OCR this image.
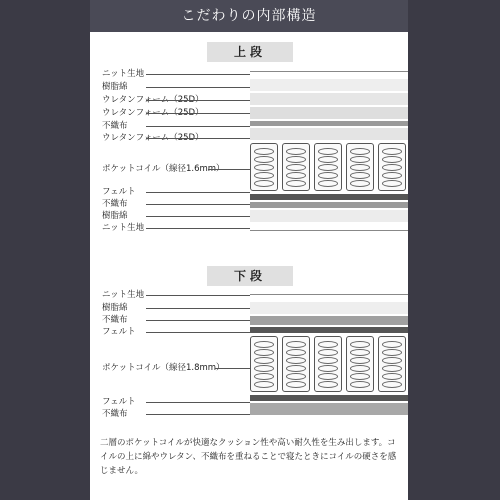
こだわりの内部構造
上段
ニット生地
樹脂綿
ウレタンフォーム（25D）
ウレタンフォーム（25D）
不織布
ウレタンフォーム（25D）
ポケットコイル（線径1.6mm）
フェルト
不織布
樹脂綿
ニット生地
下段
ニット生地
樹脂綿
不織布
フェルト
ポケットコイル（線径1.8mm）
フェルト
不織布
二層のポケットコイルが快適なクッション性や高い耐久性を生み出します。コイルの上に綿やウレタン、不織布を重ねることで寝たときにコイルの硬さを感じません。
